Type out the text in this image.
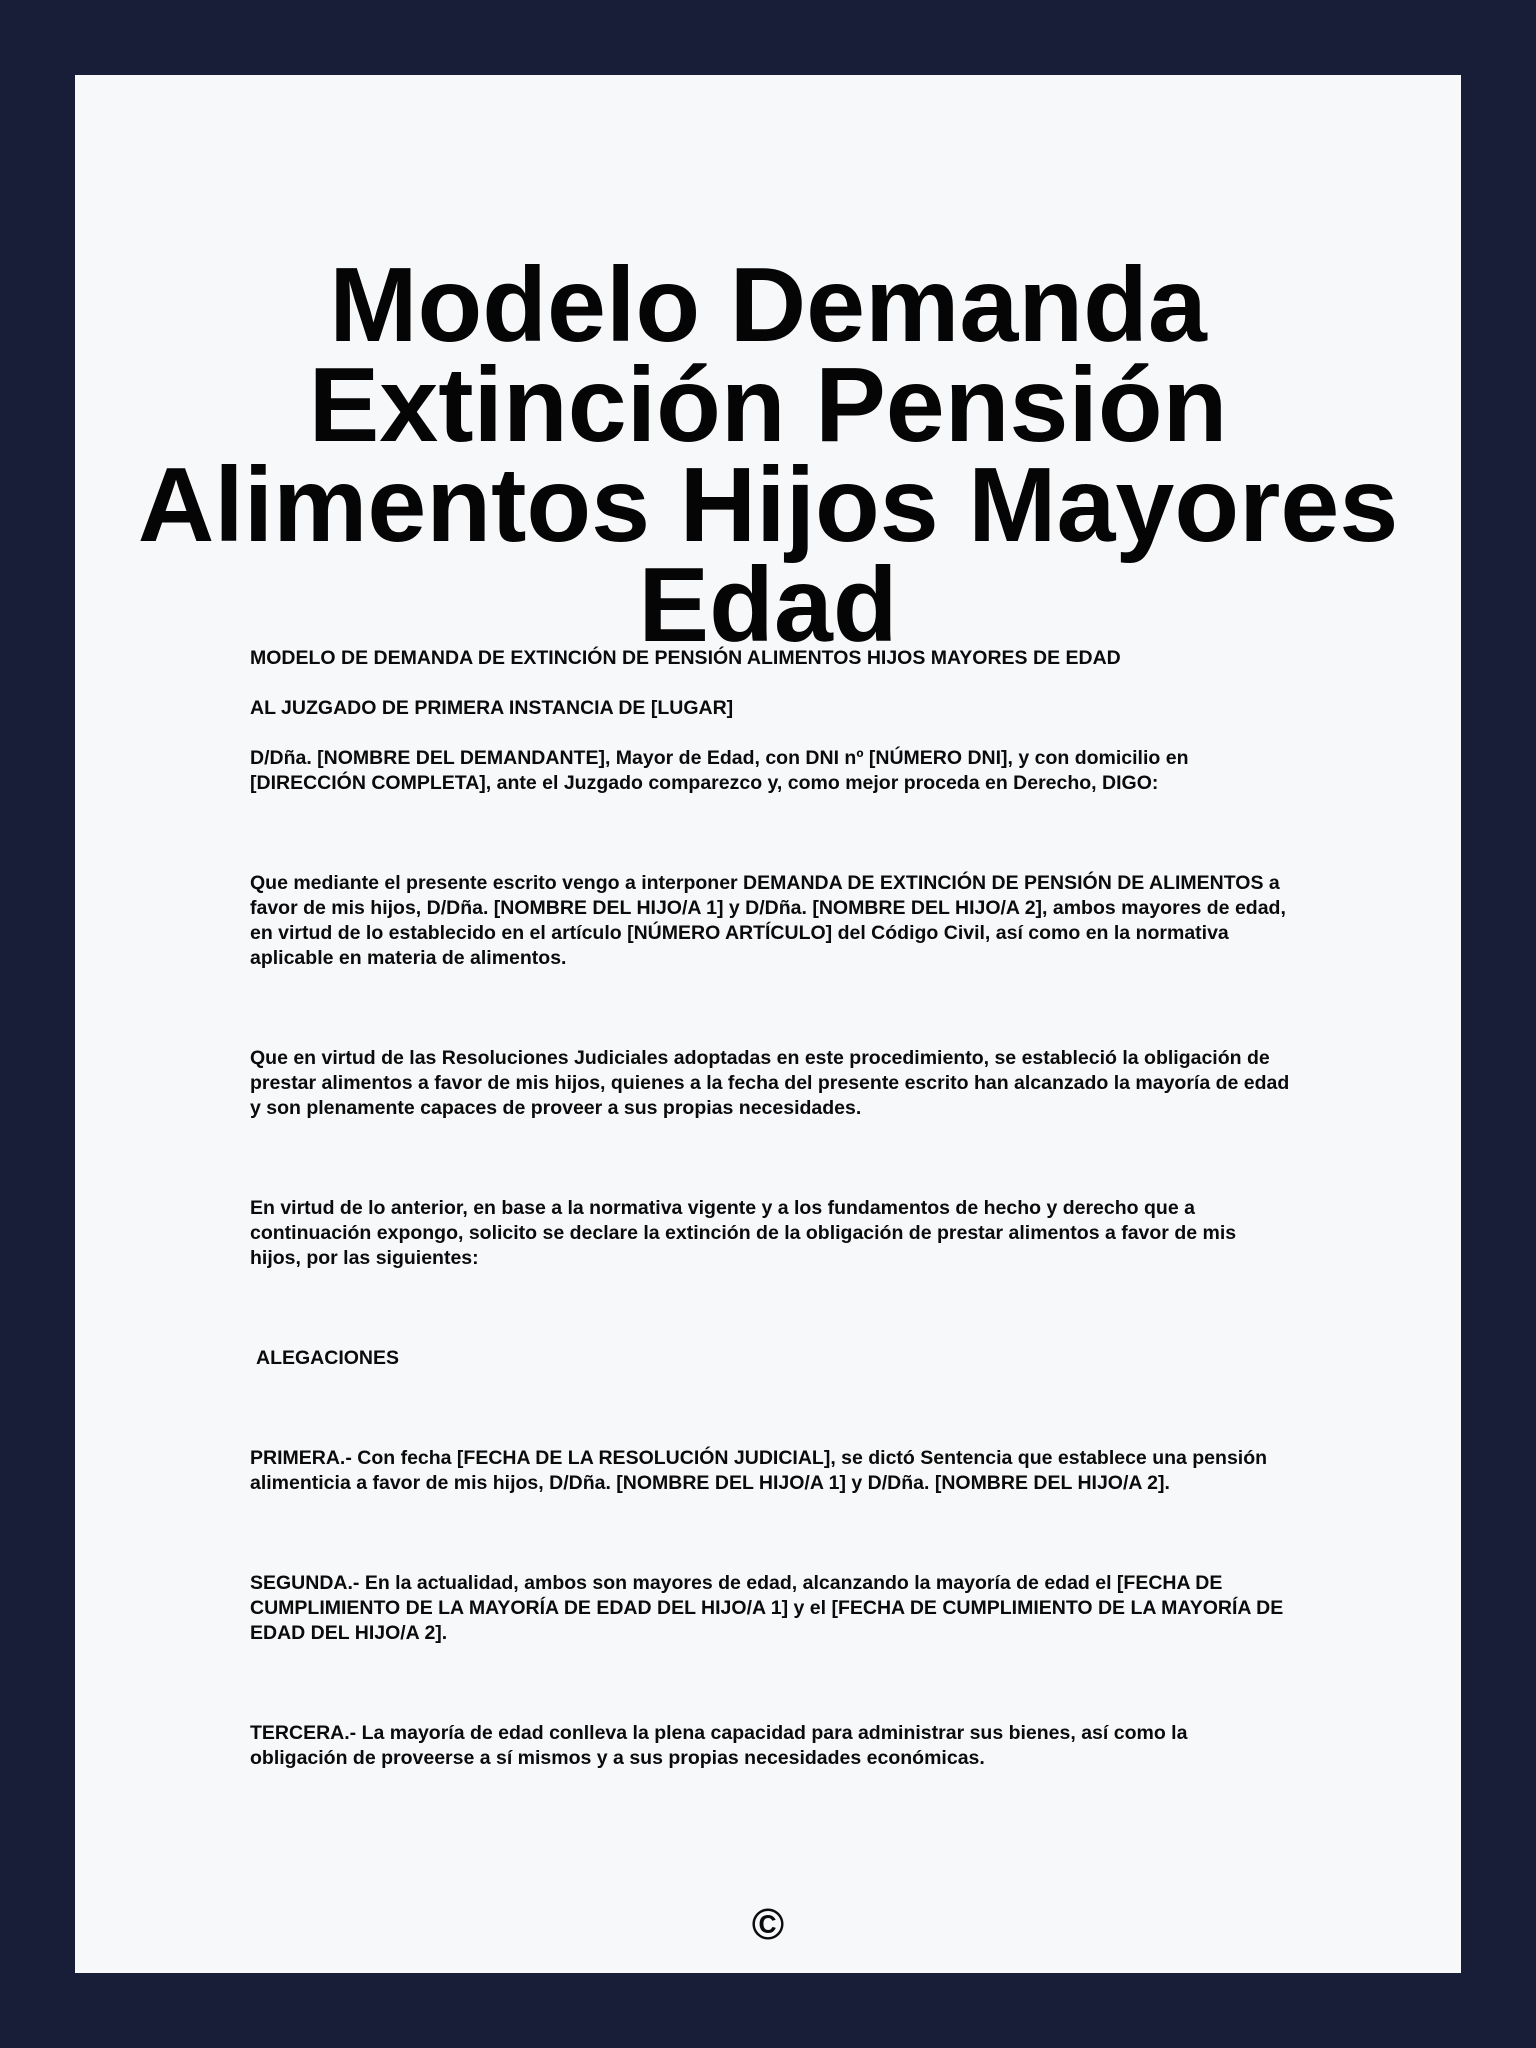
Modelo Demanda Extinción Pensión Alimentos Hijos Mayores Edad

MODELO DE DEMANDA DE EXTINCIÓN DE PENSIÓN ALIMENTOS HIJOS MAYORES DE EDAD

AL JUZGADO DE PRIMERA INSTANCIA DE [LUGAR]

D/Dña. [NOMBRE DEL DEMANDANTE], Mayor de Edad, con DNI nº [NÚMERO DNI], y con domicilio en [DIRECCIÓN COMPLETA], ante el Juzgado comparezco y, como mejor proceda en Derecho, DIGO:

Que mediante el presente escrito vengo a interponer DEMANDA DE EXTINCIÓN DE PENSIÓN DE ALIMENTOS a favor de mis hijos, D/Dña. [NOMBRE DEL HIJO/A 1] y D/Dña. [NOMBRE DEL HIJO/A 2], ambos mayores de edad, en virtud de lo establecido en el artículo [NÚMERO ARTÍCULO] del Código Civil, así como en la normativa aplicable en materia de alimentos.

Que en virtud de las Resoluciones Judiciales adoptadas en este procedimiento, se estableció la obligación de prestar alimentos a favor de mis hijos, quienes a la fecha del presente escrito han alcanzado la mayoría de edad y son plenamente capaces de proveer a sus propias necesidades.

En virtud de lo anterior, en base a la normativa vigente y a los fundamentos de hecho y derecho que a continuación expongo, solicito se declare la extinción de la obligación de prestar alimentos a favor de mis hijos, por las siguientes:

ALEGACIONES

PRIMERA.- Con fecha [FECHA DE LA RESOLUCIÓN JUDICIAL], se dictó Sentencia que establece una pensión alimenticia a favor de mis hijos, D/Dña. [NOMBRE DEL HIJO/A 1] y D/Dña. [NOMBRE DEL HIJO/A 2].

SEGUNDA.- En la actualidad, ambos son mayores de edad, alcanzando la mayoría de edad el [FECHA DE CUMPLIMIENTO DE LA MAYORÍA DE EDAD DEL HIJO/A 1] y el [FECHA DE CUMPLIMIENTO DE LA MAYORÍA DE EDAD DEL HIJO/A 2].

TERCERA.- La mayoría de edad conlleva la plena capacidad para administrar sus bienes, así como la obligación de proveerse a sí mismos y a sus propias necesidades económicas.

©
